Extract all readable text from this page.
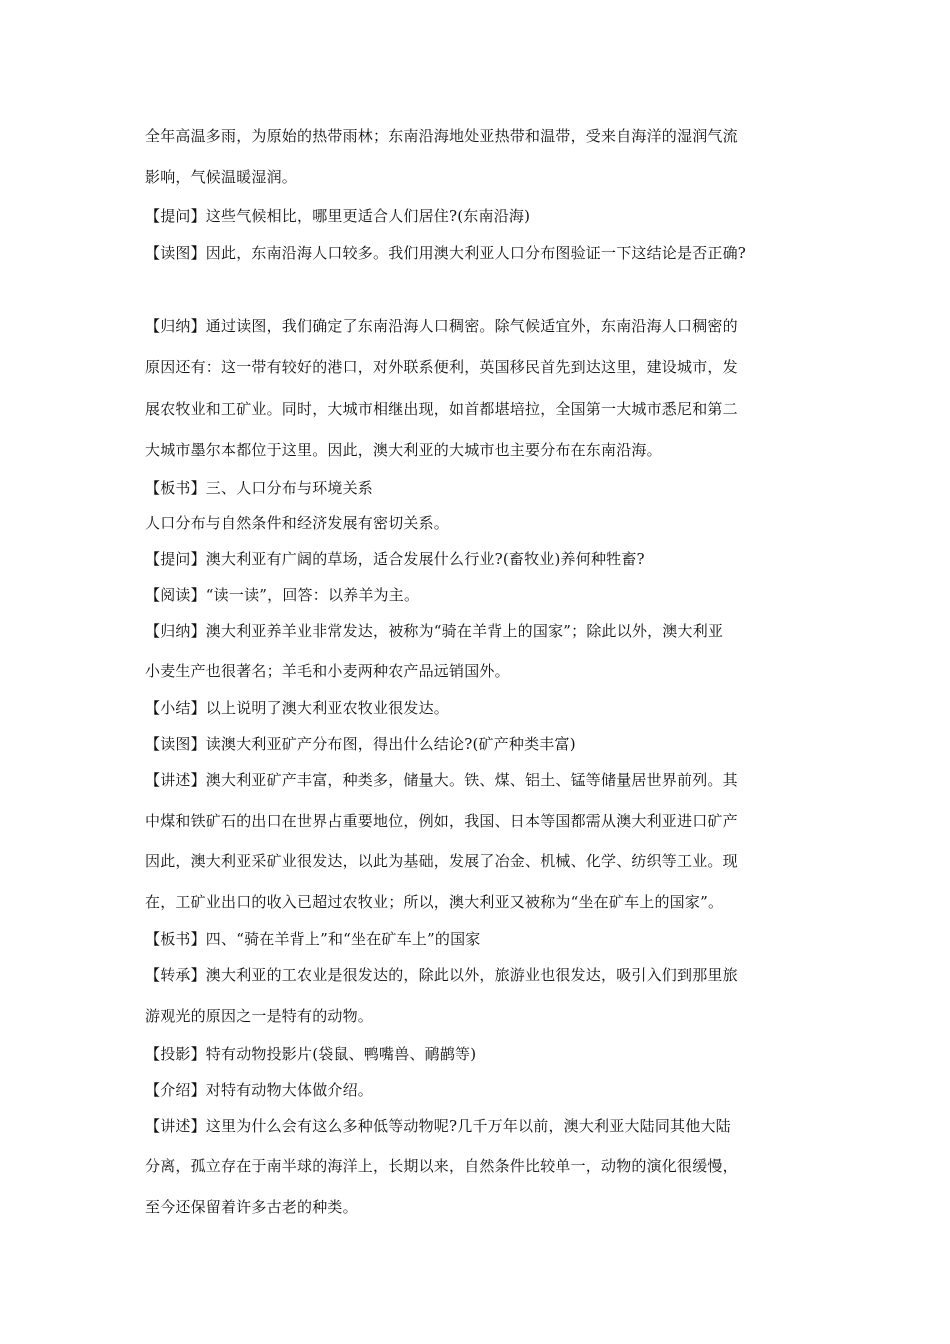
全年高温多雨，为原始的热带雨林；东南沿海地处亚热带和温带，受来自海洋的湿润气流
影响，气候温暖湿润。
【提问】这些气候相比，哪里更适合人们居住?(东南沿海)
【读图】因此，东南沿海人口较多。我们用澳大利亚人口分布图验证一下这结论是否正确?
【归纳】通过读图，我们确定了东南沿海人口稠密。除气候适宜外，东南沿海人口稠密的
原因还有：这一带有较好的港口，对外联系便利，英国移民首先到达这里，建设城市，发
展农牧业和工矿业。同时，大城市相继出现，如首都堪培拉，全国第一大城市悉尼和第二
大城市墨尔本都位于这里。因此，澳大利亚的大城市也主要分布在东南沿海。
【板书】三、人口分布与环境关系
人口分布与自然条件和经济发展有密切关系。
【提问】澳大利亚有广阔的草场，适合发展什么行业?(畜牧业)养何种牲畜?
【阅读】“读一读”，回答：以养羊为主。
【归纳】澳大利亚养羊业非常发达，被称为“骑在羊背上的国家”；除此以外，澳大利亚
小麦生产也很著名；羊毛和小麦两种农产品远销国外。
【小结】以上说明了澳大利亚农牧业很发达。
【读图】读澳大利亚矿产分布图，得出什么结论?(矿产种类丰富)
【讲述】澳大利亚矿产丰富，种类多，储量大。铁、煤、铝土、锰等储量居世界前列。其
中煤和铁矿石的出口在世界占重要地位，例如，我国、日本等国都需从澳大利亚进口矿产
因此，澳大利亚采矿业很发达，以此为基础，发展了冶金、机械、化学、纺织等工业。现
在，工矿业出口的收入已超过农牧业；所以，澳大利亚又被称为“坐在矿车上的国家”。
【板书】四、“骑在羊背上”和“坐在矿车上”的国家
【转承】澳大利亚的工农业是很发达的，除此以外，旅游业也很发达，吸引入们到那里旅
游观光的原因之一是特有的动物。
【投影】特有动物投影片(袋鼠、鸭嘴兽、鸸鹋等)
【介绍】对特有动物大体做介绍。
【讲述】这里为什么会有这么多种低等动物呢?几千万年以前，澳大利亚大陆同其他大陆
分离，孤立存在于南半球的海洋上，长期以来，自然条件比较单一，动物的演化很缓慢，
至今还保留着许多古老的种类。
